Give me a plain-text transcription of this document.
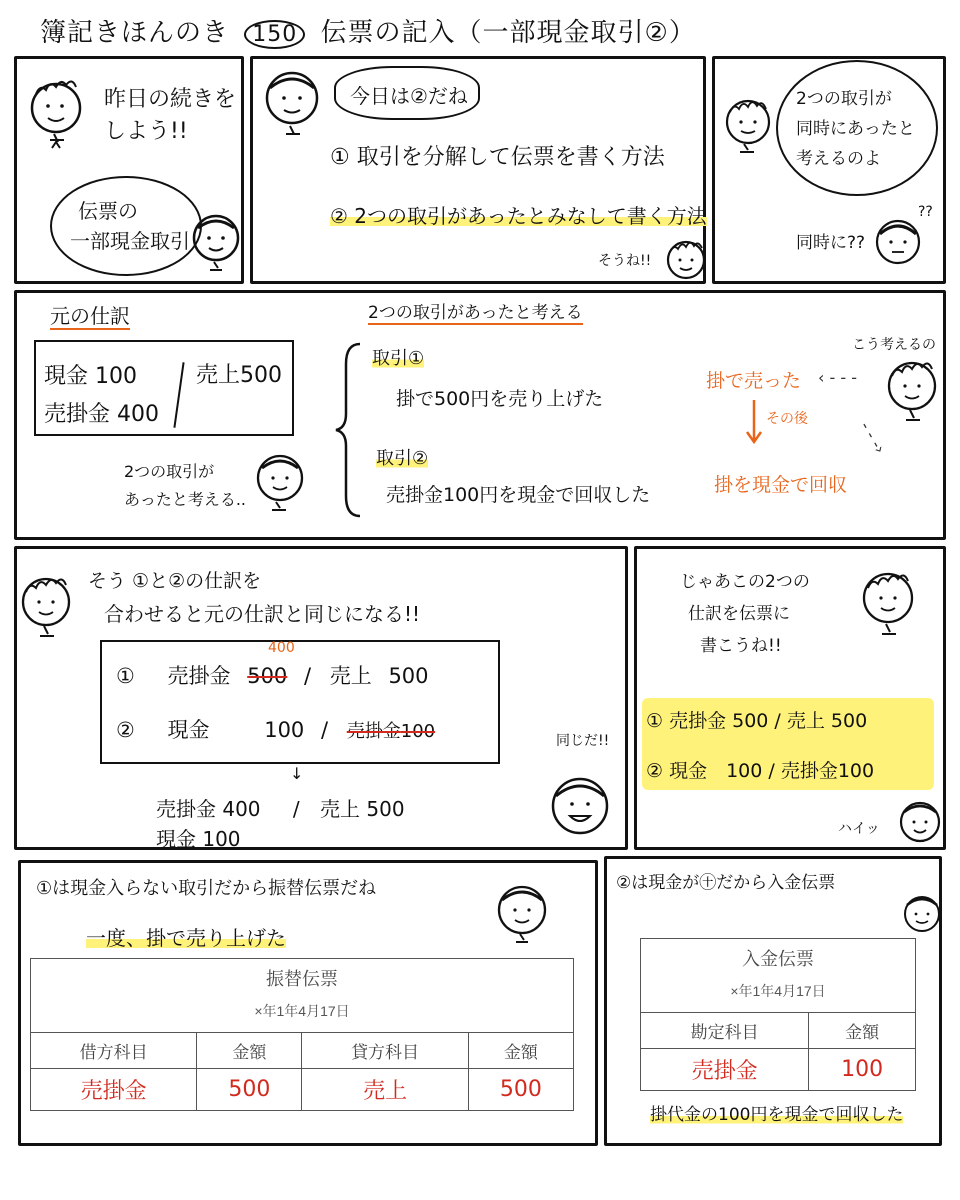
簿記きほんのき 150 伝票の記入（一部現金取引②）
昨日の続きを
しよう!!
伝票の
一部現金取引
今日は②だね
① 取引を分解して伝票を書く方法
② 2つの取引があったとみなして書く方法
そうね!!
2つの取引が
同時にあったと
考えるのよ
同時に??
??
元の仕訳
現金 100
売掛金 400
売上500
2つの取引が
あったと考える..
2つの取引があったと考える
取引①
掛で500円を売り上げた
取引②
売掛金100円を現金で回収した
こう考えるの
掛で売った ‹ - - -
その後	- - -›
掛を現金で回収
そう ①と②の仕訳を
合わせると元の仕訳と同じになる!!
400
① 売掛金 500 / 売上 500
② 現金	100 / 売掛金100
↓
売掛金 400 / 売上 500
現金 100
同じだ!!
じゃあこの2つの
仕訳を伝票に
書こうね!!
① 売掛金 500 / 売上 500
② 現金　100 / 売掛金100
ハイッ
①は現金入らない取引だから振替伝票だね
一度、掛で売り上げた
振替伝票
×年1年4月17日			

借方科目	金額	貸方科目	金額
売掛金	500	売上	500
②は現金が㊉だから入金伝票
入金伝票
×年1年4月17日	

勘定科目	金額
売掛金	100
掛代金の100円を現金で回収した
